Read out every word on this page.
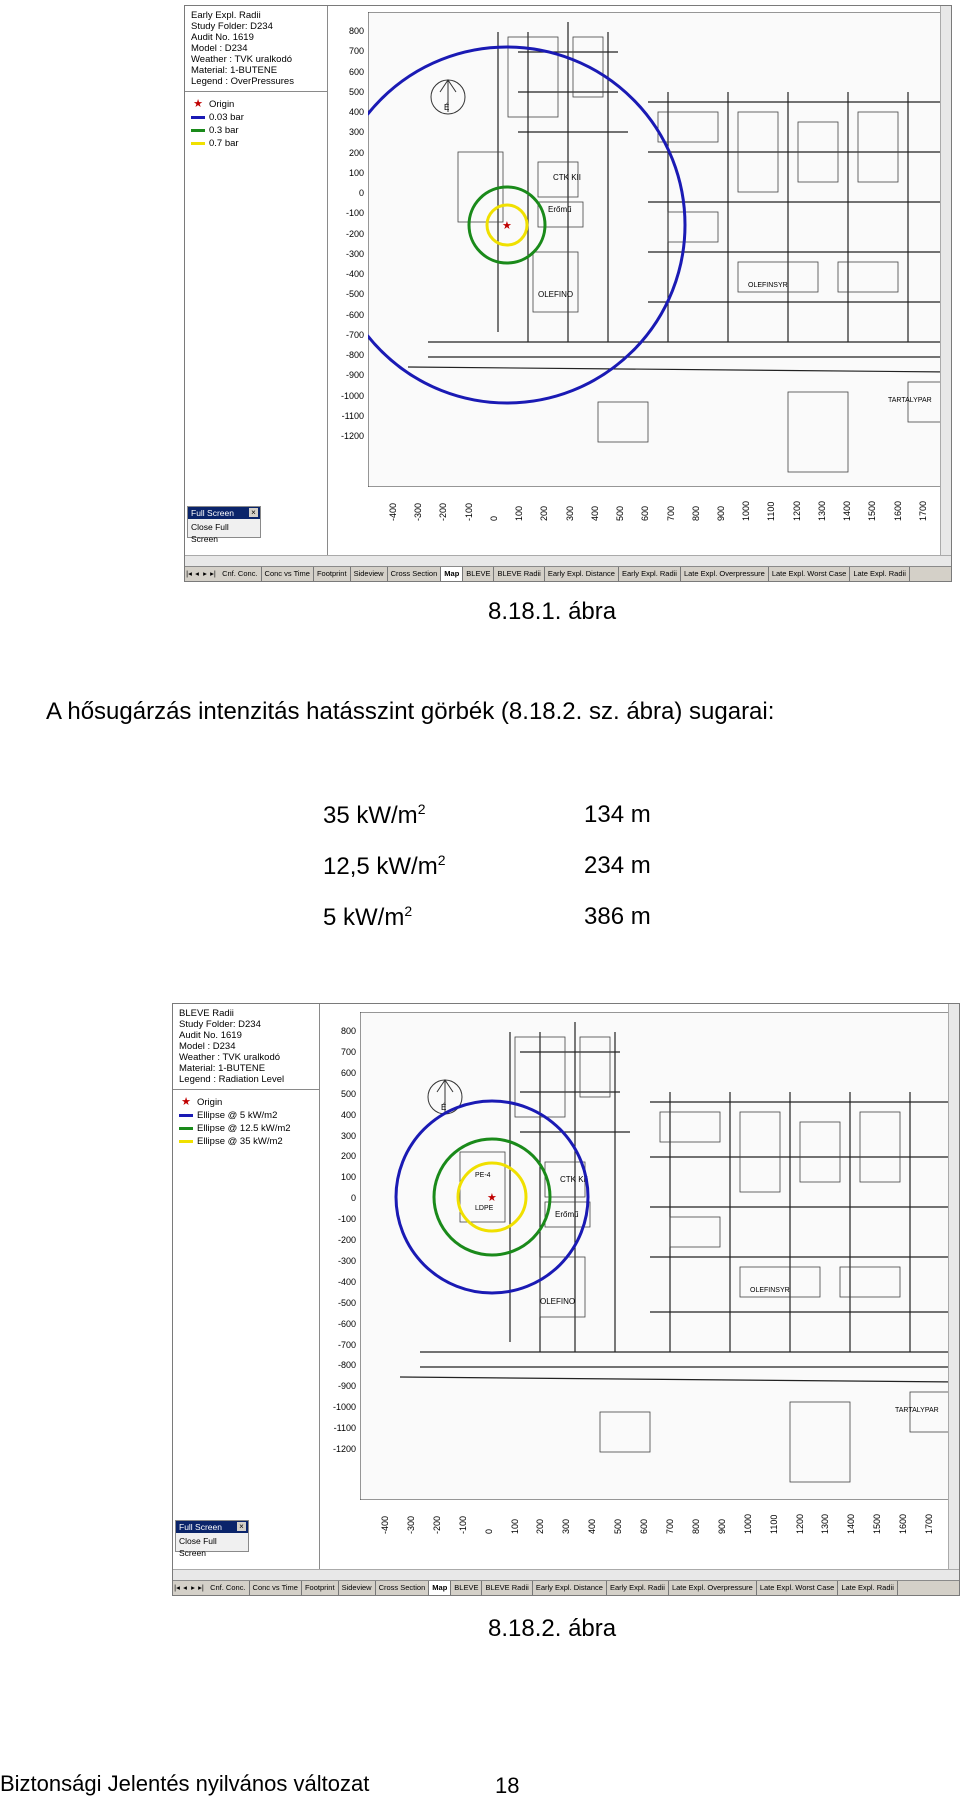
Early Expl. Radii
Study Folder: D234
Audit No. 1619
Model : D234
Weather : TVK uralkodó
Material: 1-BUTENE
Legend : OverPressures
★ Origin
0.03 bar
0.3 bar
0.7 bar
Full Screen ×
Close Full Screen
800
700
600
500
400
300
200
100
0
-100
-200
-300
-400
-500
-600
-700
-800
-900
-1000
-1100
-1200
-400 -300 -200 -100 0 100 200 300 400 500 600 700 800 900 1000 1100 1200 1300 1400 1500 1600 1700
CTK KII
Erőmű
OLEFINO
OLEFINSYR
TARTALYPAR
É
★
|◂ ◂ ▸ ▸| Cnf. Conc. Conc vs Time Footprint Sideview Cross Section Map BLEVE BLEVE Radii Early Expl. Distance Early Expl. Radii Late Expl. Overpressure Late Expl. Worst Case Late Expl. Radii
8.18.1. ábra
A hősugárzás intenzitás hatásszint görbék (8.18.2. sz. ábra) sugarai:
35 $kW/m^2$	134 m
12,5 $kW/m^2$	234 m
5 $kW/m^2$	386 m
BLEVE Radii
Study Folder: D234
Audit No. 1619
Model : D234
Weather : TVK uralkodó
Material: 1-BUTENE
Legend : Radiation Level
★ Origin
Ellipse @ 5 kW/m2
Ellipse @ 12.5 kW/m2
Ellipse @ 35 kW/m2
Full Screen ×
Close Full Screen
800
700
600
500
400
300
200
100
0
-100
-200
-300
-400
-500
-600
-700
-800
-900
-1000
-1100
-1200
-400 -300 -200 -100 0 100 200 300 400 500 600 700 800 900 1000 1100 1200 1300 1400 1500 1600 1700
CTK KII
Erőmű
OLEFINO
OLEFINSYR
TARTALYPAR
PE-4
LDPE
É
★
|◂ ◂ ▸ ▸| Cnf. Conc. Conc vs Time Footprint Sideview Cross Section Map BLEVE BLEVE Radii Early Expl. Distance Early Expl. Radii Late Expl. Overpressure Late Expl. Worst Case Late Expl. Radii
8.18.2. ábra
Biztonsági Jelentés nyilvános változat	18
